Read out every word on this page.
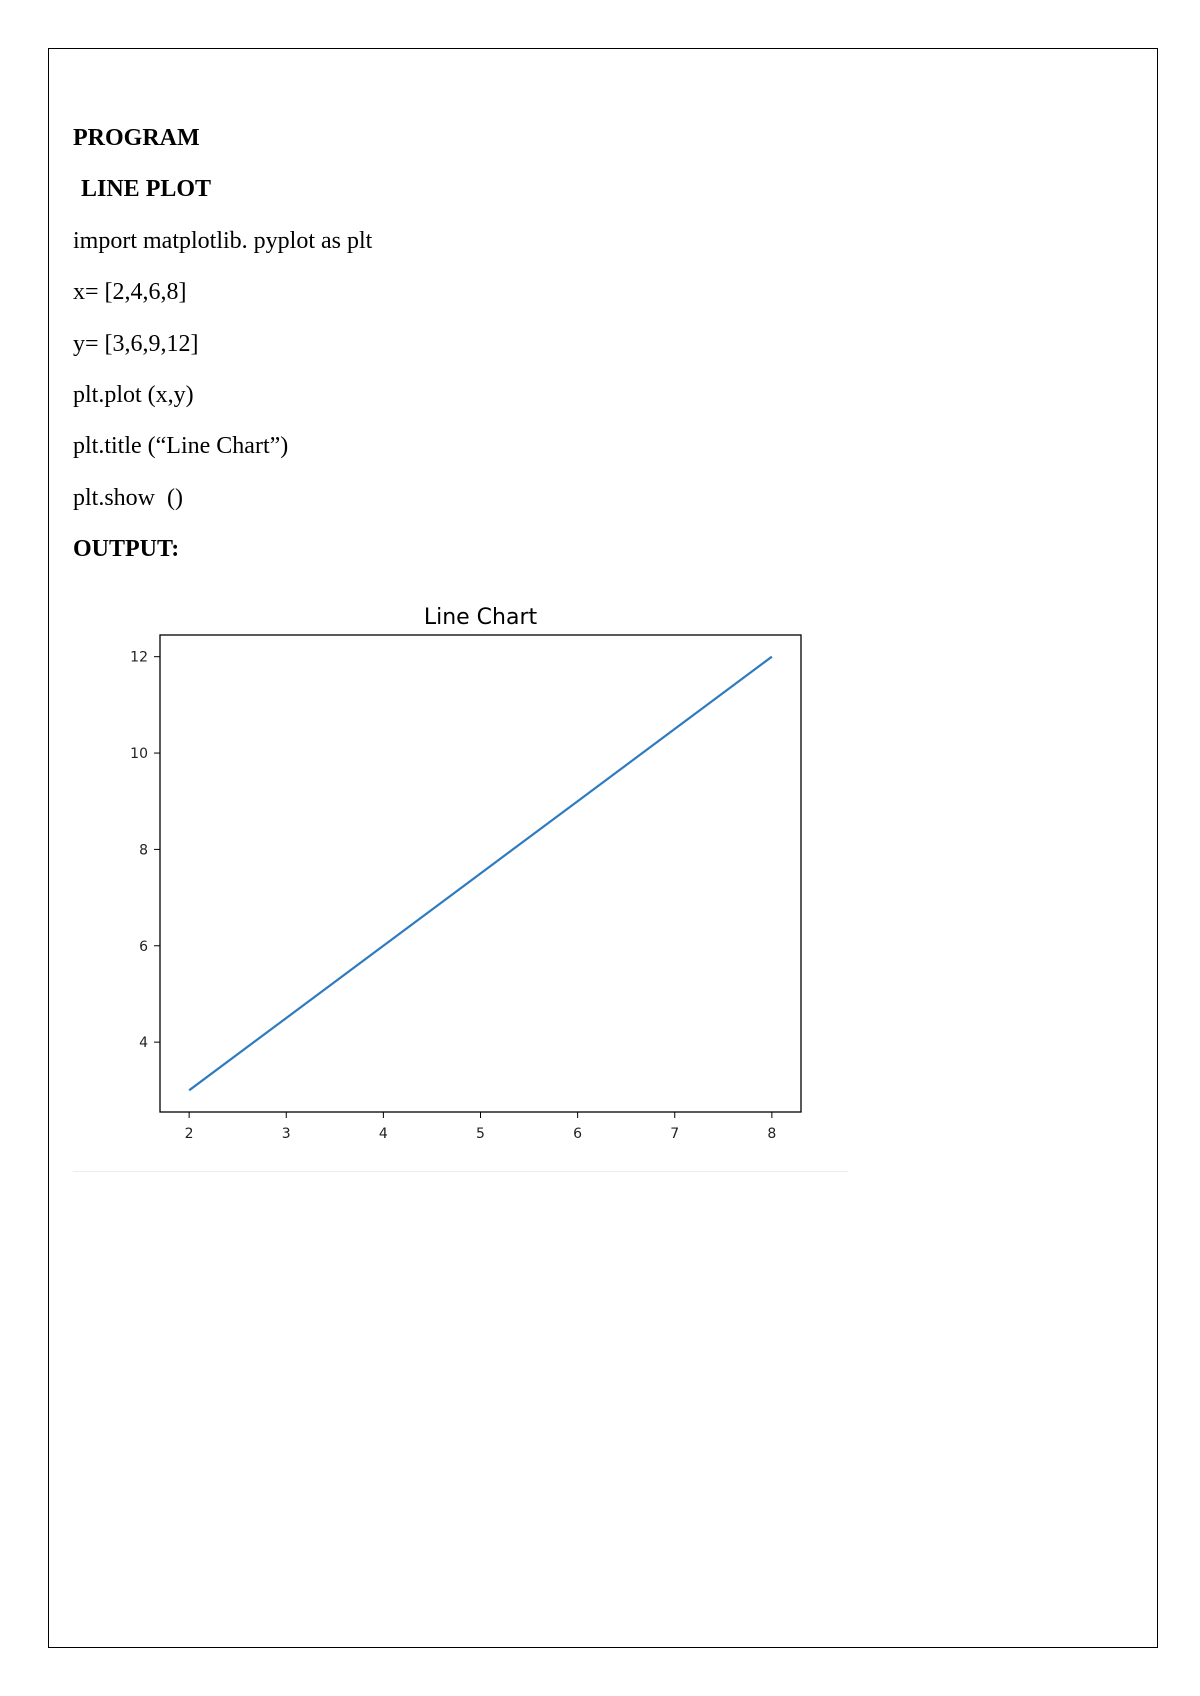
PROGRAM

LINE PLOT

import matplotlib. pyplot as plt

x= [2,4,6,8]

y= [3,6,9,12]

plt.plot (x,y)

plt.title (“Line Chart”)

plt.show  ()

OUTPUT:

Line Chart
2	3	4	5	6	7	8
4
6
8
10
12
